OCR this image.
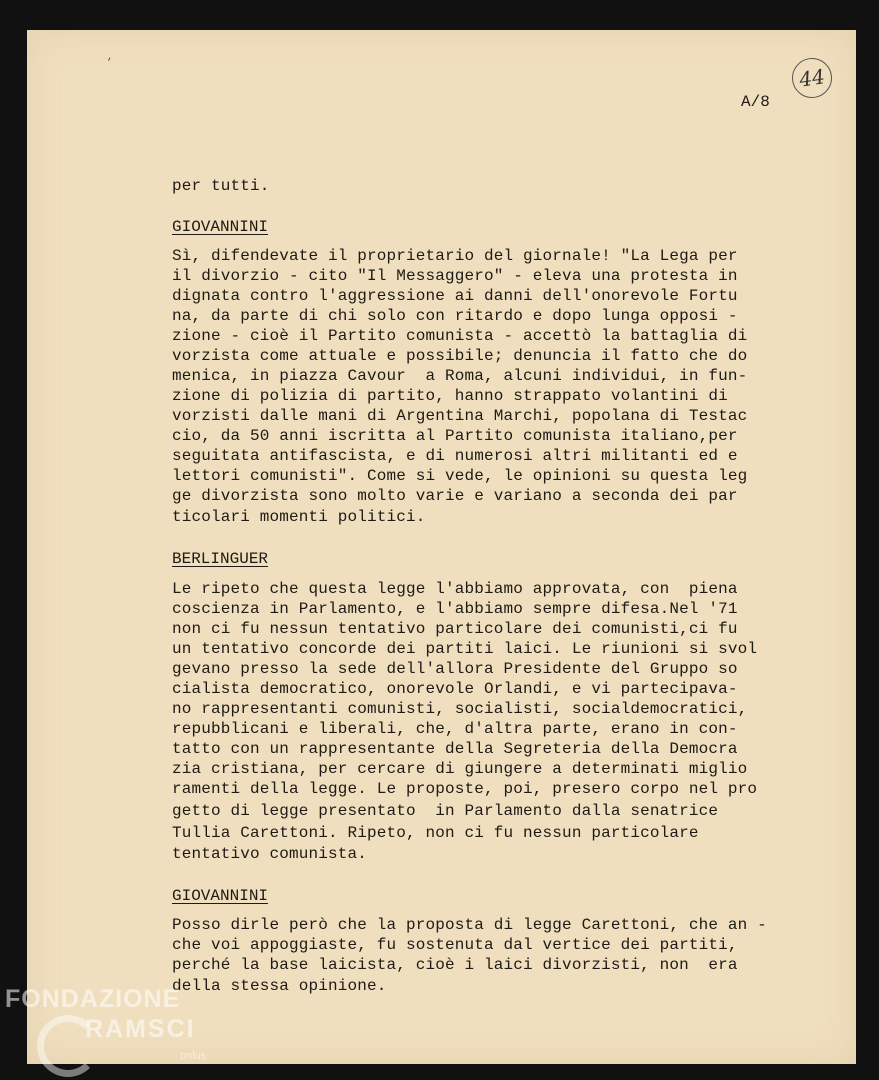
,
44
A/8
per tutti.
GIOVANNINI
Sì, difendevate il proprietario del giornale! "La Lega per
il divorzio - cito "Il Messaggero" - eleva una protesta in
dignata contro l'aggressione ai danni dell'onorevole Fortu
na, da parte di chi solo con ritardo e dopo lunga opposi -
zione - cioè il Partito comunista - accettò la battaglia di
vorzista come attuale e possibile; denuncia il fatto che do
menica, in piazza Cavour  a Roma, alcuni individui, in fun-
zione di polizia di partito, hanno strappato volantini di
vorzisti dalle mani di Argentina Marchi, popolana di Testac
cio, da 50 anni iscritta al Partito comunista italiano,per
seguitata antifascista, e di numerosi altri militanti ed e
lettori comunisti". Come si vede, le opinioni su questa leg
ge divorzista sono molto varie e variano a seconda dei par
ticolari momenti politici.
BERLINGUER
Le ripeto che questa legge l'abbiamo approvata, con  piena
coscienza in Parlamento, e l'abbiamo sempre difesa.Nel '71
non ci fu nessun tentativo particolare dei comunisti,ci fu
un tentativo concorde dei partiti laici. Le riunioni si svol
gevano presso la sede dell'allora Presidente del Gruppo so
cialista democratico, onorevole Orlandi, e vi partecipava-
no rappresentanti comunisti, socialisti, socialdemocratici,
repubblicani e liberali, che, d'altra parte, erano in con-
tatto con un rappresentante della Segreteria della Democra
zia cristiana, per cercare di giungere a determinati miglio
ramenti della legge. Le proposte, poi, presero corpo nel pro
getto di legge presentato  in Parlamento dalla senatrice
Tullia Carettoni. Ripeto, non ci fu nessun particolare
tentativo comunista.
GIOVANNINI
Posso dirle però che la proposta di legge Carettoni, che an -
che voi appoggiaste, fu sostenuta dal vertice dei partiti,
perché la base laicista, cioè i laici divorzisti, non  era
della stessa opinione.
FONDAZIONE
RAMSCI
onlus
